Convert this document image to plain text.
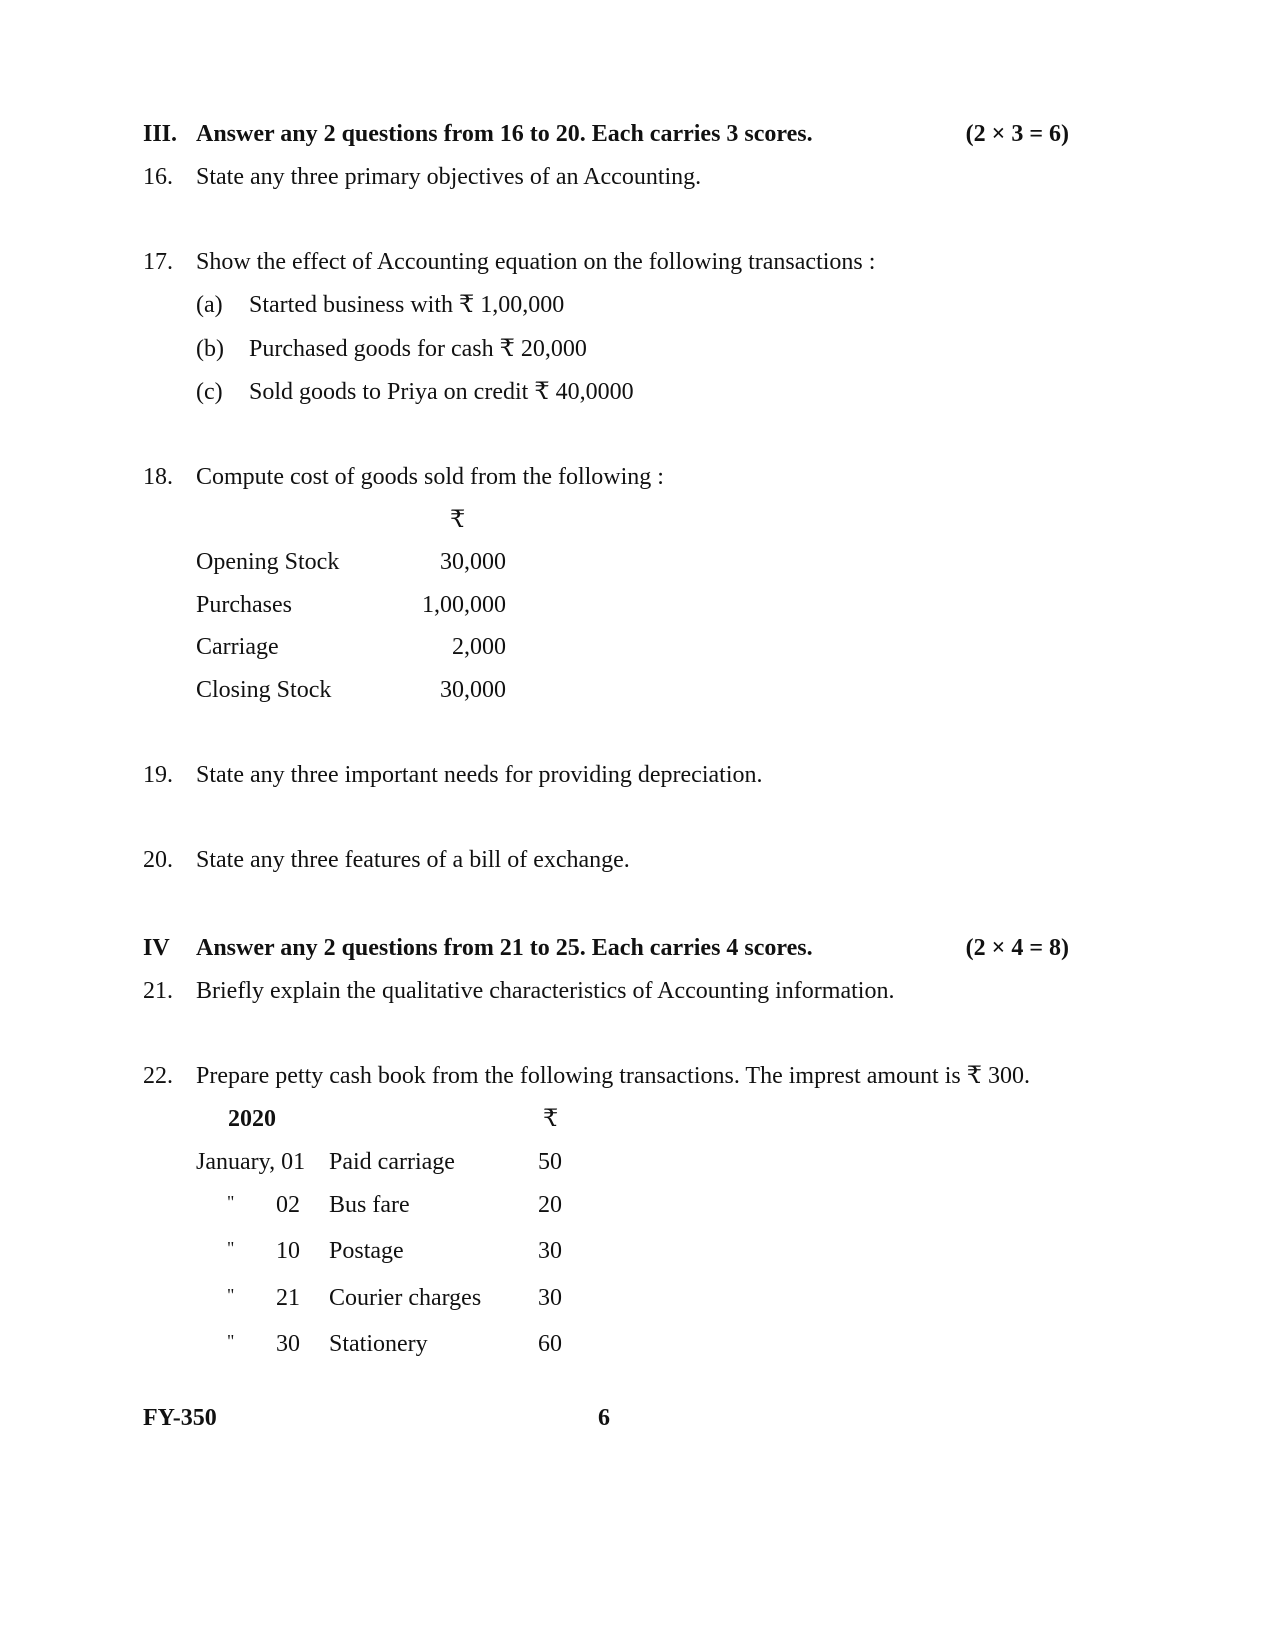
III. Answer any 2 questions from 16 to 20. Each carries 3 scores.	(2 × 3 = 6)
16. State any three primary objectives of an Accounting.
17. Show the effect of Accounting equation on the following transactions :
(a) Started business with ₹ 1,00,000
(b) Purchased goods for cash ₹ 20,000
(c) Sold goods to Priya on credit ₹ 40,0000
18. Compute cost of goods sold from the following :
₹
Opening Stock	30,000
Purchases	1,00,000
Carriage	2,000
Closing Stock	30,000
19. State any three important needs for providing depreciation.
20. State any three features of a bill of exchange.
IV Answer any 2 questions from 21 to 25. Each carries 4 scores.	(2 × 4 = 8)
21. Briefly explain the qualitative characteristics of Accounting information.
22. Prepare petty cash book from the following transactions. The imprest amount is ₹ 300.
2020	₹
January, 01 Paid carriage	50
" 02 Bus fare	20
" 10 Postage	30
" 21 Courier charges 30
" 30 Stationery	60
FY-350	6
